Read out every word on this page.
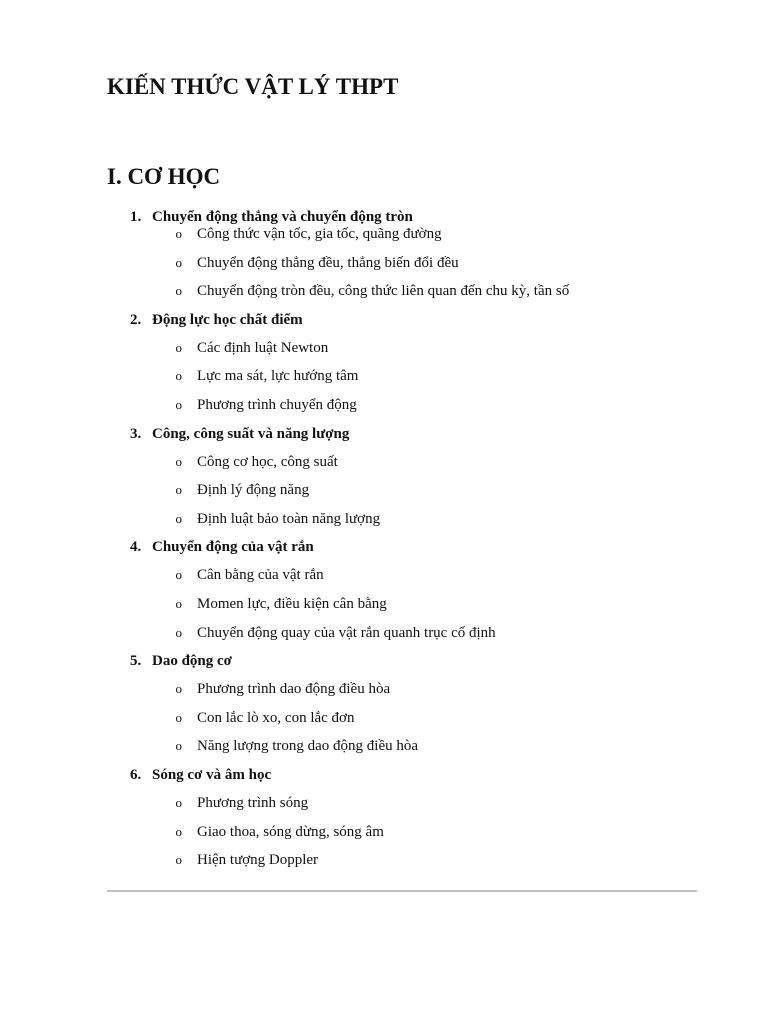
KIẾN THỨC VẬT LÝ THPT
I. CƠ HỌC
1. Chuyển động thẳng và chuyển động tròn
o	Công thức vận tốc, gia tốc, quãng đường
o	Chuyển động thẳng đều, thẳng biến đổi đều
o	Chuyển động tròn đều, công thức liên quan đến chu kỳ, tần số
2. Động lực học chất điểm
o	Các định luật Newton
o	Lực ma sát, lực hướng tâm
o	Phương trình chuyển động
3. Công, công suất và năng lượng
o	Công cơ học, công suất
o	Định lý động năng
o	Định luật bảo toàn năng lượng
4. Chuyển động của vật rắn
o	Cân bằng của vật rắn
o	Momen lực, điều kiện cân bằng
o	Chuyển động quay của vật rắn quanh trục cố định
5. Dao động cơ
o	Phương trình dao động điều hòa
o	Con lắc lò xo, con lắc đơn
o	Năng lượng trong dao động điều hòa
6. Sóng cơ và âm học
o	Phương trình sóng
o	Giao thoa, sóng dừng, sóng âm
o	Hiện tượng Doppler
